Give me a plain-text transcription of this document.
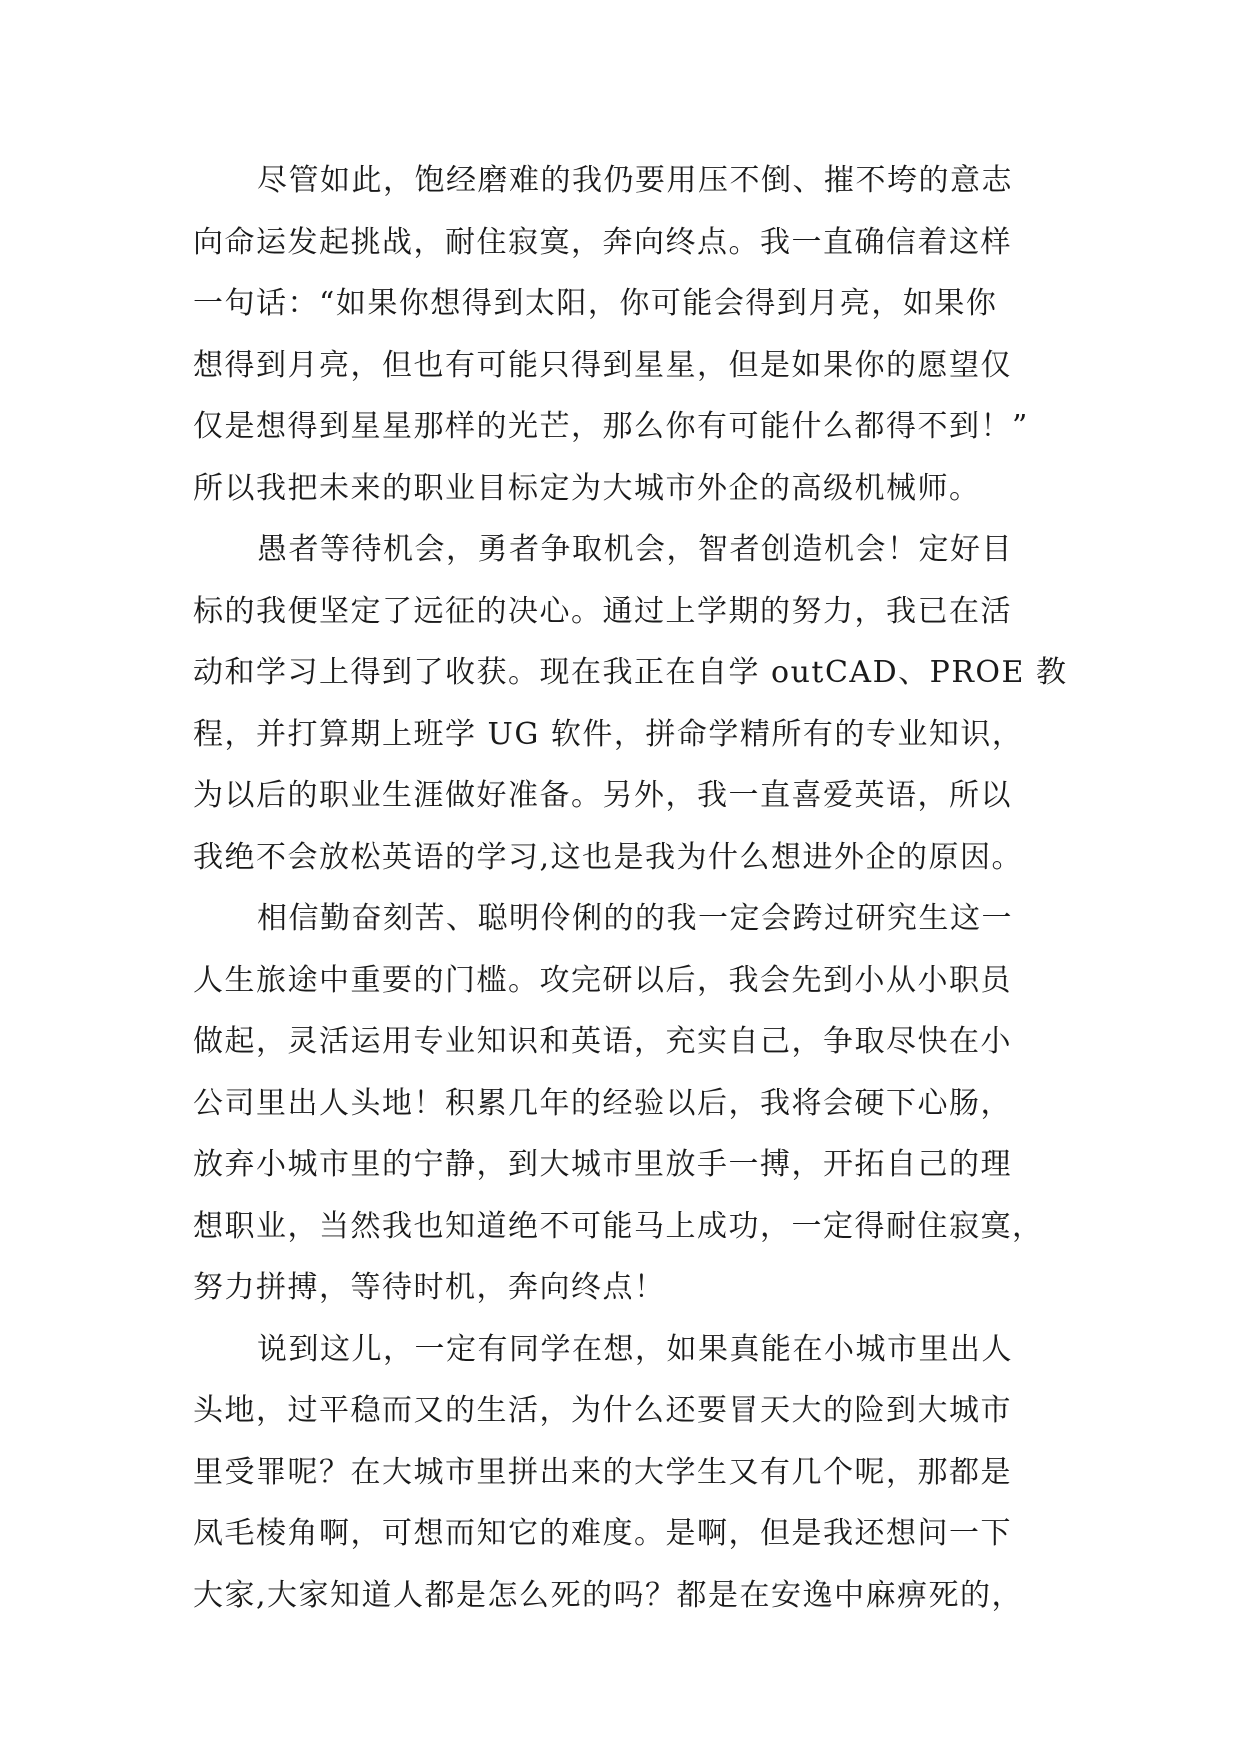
尽管如此，饱经磨难的我仍要用压不倒、摧不垮的意志
向命运发起挑战，耐住寂寞，奔向终点。我一直确信着这样
一句话：“如果你想得到太阳，你可能会得到月亮，如果你
想得到月亮，但也有可能只得到星星，但是如果你的愿望仅
仅是想得到星星那样的光芒，那么你有可能什么都得不到！”
所以我把未来的职业目标定为大城市外企的高级机械师。
愚者等待机会，勇者争取机会，智者创造机会！定好目
标的我便坚定了远征的决心。通过上学期的努力，我已在活
动和学习上得到了收获。现在我正在自学 outCAD、PROE 教
程，并打算期上班学 UG 软件，拼命学精所有的专业知识，
为以后的职业生涯做好准备。另外，我一直喜爱英语，所以
我绝不会放松英语的学习,这也是我为什么想进外企的原因。
相信勤奋刻苦、聪明伶俐的的我一定会跨过研究生这一
人生旅途中重要的门槛。攻完研以后，我会先到小从小职员
做起，灵活运用专业知识和英语，充实自己，争取尽快在小
公司里出人头地！积累几年的经验以后，我将会硬下心肠，
放弃小城市里的宁静，到大城市里放手一搏，开拓自己的理
想职业，当然我也知道绝不可能马上成功，一定得耐住寂寞，
努力拼搏，等待时机，奔向终点！
说到这儿，一定有同学在想，如果真能在小城市里出人
头地，过平稳而又的生活，为什么还要冒天大的险到大城市
里受罪呢？在大城市里拼出来的大学生又有几个呢，那都是
凤毛棱角啊，可想而知它的难度。是啊，但是我还想问一下
大家,大家知道人都是怎么死的吗？都是在安逸中麻痹死的，
